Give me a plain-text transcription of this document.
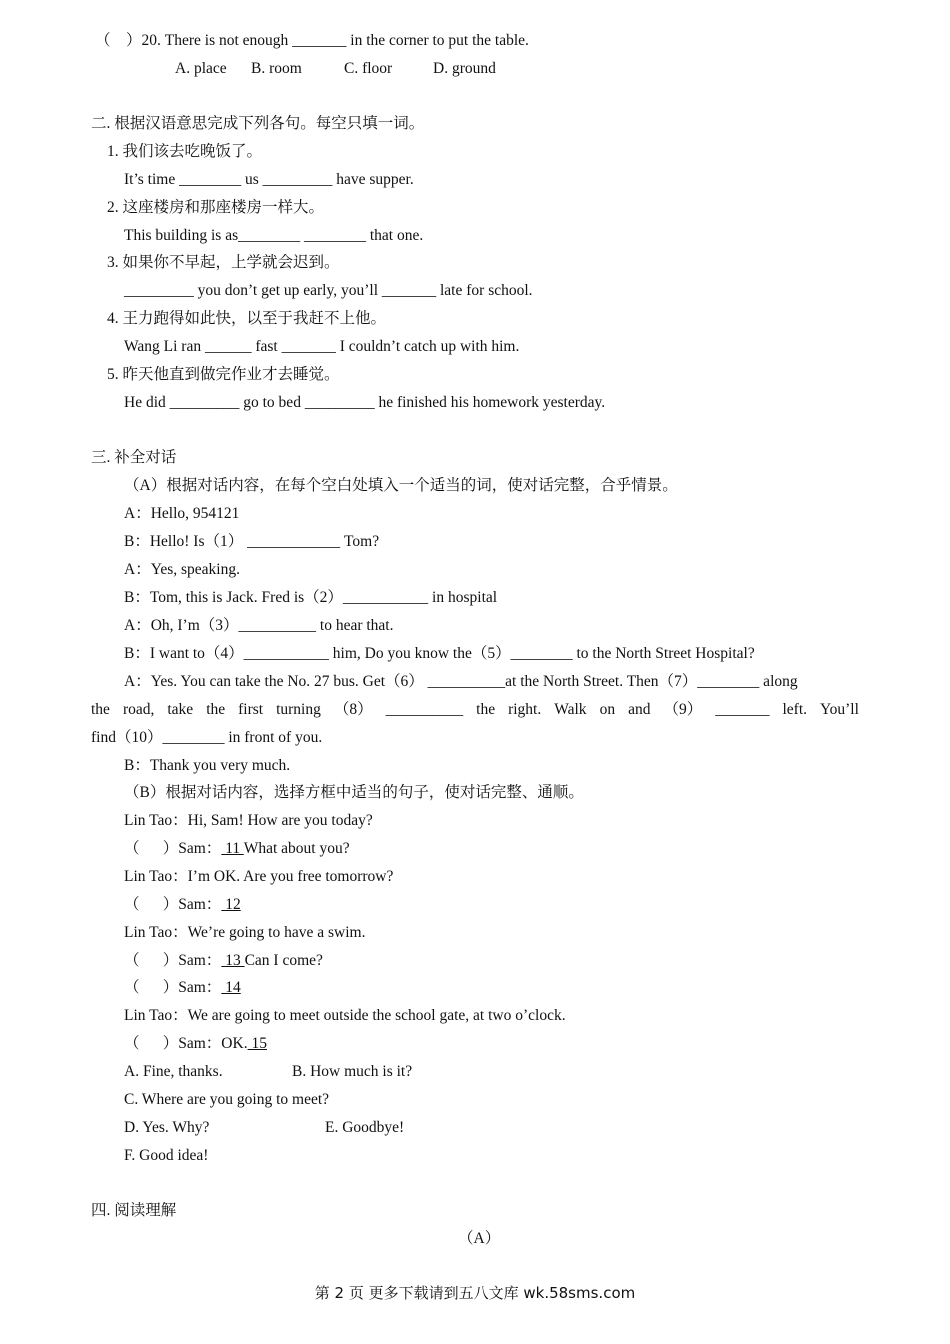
（    ）20. There is not enough _______ in the corner to put the table.
A. place B. room	C. floor	D. ground
二. 根据汉语意思完成下列各句。每空只填一词。
1. 我们该去吃晚饭了。
It’s time ________ us _________ have supper.
2. 这座楼房和那座楼房一样大。
This building is as________ ________ that one.
3. 如果你不早起，上学就会迟到。
_________ you don’t get up early, you’ll _______ late for school.
4. 王力跑得如此快，以至于我赶不上他。
Wang Li ran ______ fast _______ I couldn’t catch up with him.
5. 昨天他直到做完作业才去睡觉。
He did _________ go to bed _________ he finished his homework yesterday.
三. 补全对话
（A）根据对话内容，在每个空白处填入一个适当的词，使对话完整，合乎情景。
A：Hello, 954121
B：Hello! Is（1） ____________ Tom?
A：Yes, speaking.
B：Tom, this is Jack. Fred is（2）___________ in hospital
A：Oh, I’m（3）__________ to hear that.
B：I want to（4）___________ him, Do you know the（5）________ to the North Street Hospital?
A：Yes. You can take the No. 27 bus. Get（6） __________at the North Street. Then（7）________ along
the road, take the first turning （8） __________ the right. Walk on and （9） _______ left. You’ll
find（10）________ in front of you.
B：Thank you very much.
（B）根据对话内容，选择方框中适当的句子，使对话完整、通顺。
Lin Tao：Hi, Sam! How are you today?
（      ）Sam： 11 What about you?
Lin Tao：I’m OK. Are you free tomorrow?
（      ）Sam： 12
Lin Tao：We’re going to have a swim.
（      ）Sam： 13 Can I come?
（      ）Sam： 14
Lin Tao：We are going to meet outside the school gate, at two o’clock.
（      ）Sam：OK. 15
A. Fine, thanks.	B. How much is it?
C. Where are you going to meet?
D. Yes. Why?	E. Goodbye!
F. Good idea!
四. 阅读理解
（A）
第 2 页 更多下载请到五八文库 wk.58sms.com
